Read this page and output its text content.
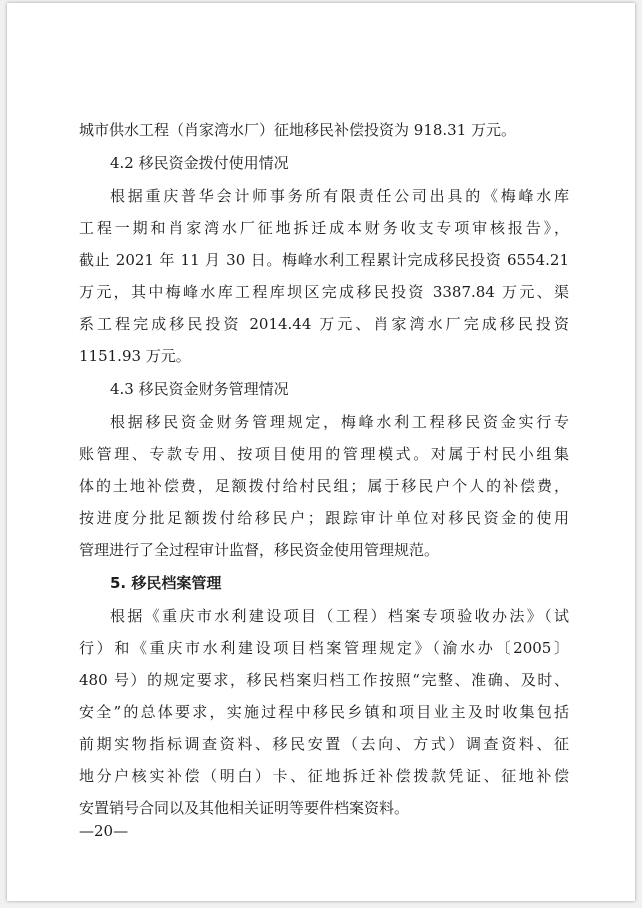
城市供水工程（肖家湾水厂）征地移民补偿投资为 918.31 万元。
4.2 移民资金拨付使用情况
根据重庆普华会计师事务所有限责任公司出具的《梅峰水库
工程一期和肖家湾水厂征地拆迁成本财务收支专项审核报告》，
截止 2021 年 11 月 30 日。梅峰水利工程累计完成移民投资 6554.21
万元，其中梅峰水库工程库坝区完成移民投资 3387.84 万元、渠
系工程完成移民投资 2014.44 万元、肖家湾水厂完成移民投资
1151.93 万元。
4.3 移民资金财务管理情况
根据移民资金财务管理规定，梅峰水利工程移民资金实行专
账管理、专款专用、按项目使用的管理模式。对属于村民小组集
体的土地补偿费，足额拨付给村民组；属于移民户个人的补偿费，
按进度分批足额拨付给移民户；跟踪审计单位对移民资金的使用
管理进行了全过程审计监督，移民资金使用管理规范。
5. 移民档案管理
根据《重庆市水利建设项目（工程）档案专项验收办法》（试
行）和《重庆市水利建设项目档案管理规定》（渝水办〔2005〕
480 号）的规定要求，移民档案归档工作按照“完整、准确、及时、
安全”的总体要求，实施过程中移民乡镇和项目业主及时收集包括
前期实物指标调查资料、移民安置（去向、方式）调查资料、征
地分户核实补偿（明白）卡、征地拆迁补偿拨款凭证、征地补偿
安置销号合同以及其他相关证明等要件档案资料。
—20—
